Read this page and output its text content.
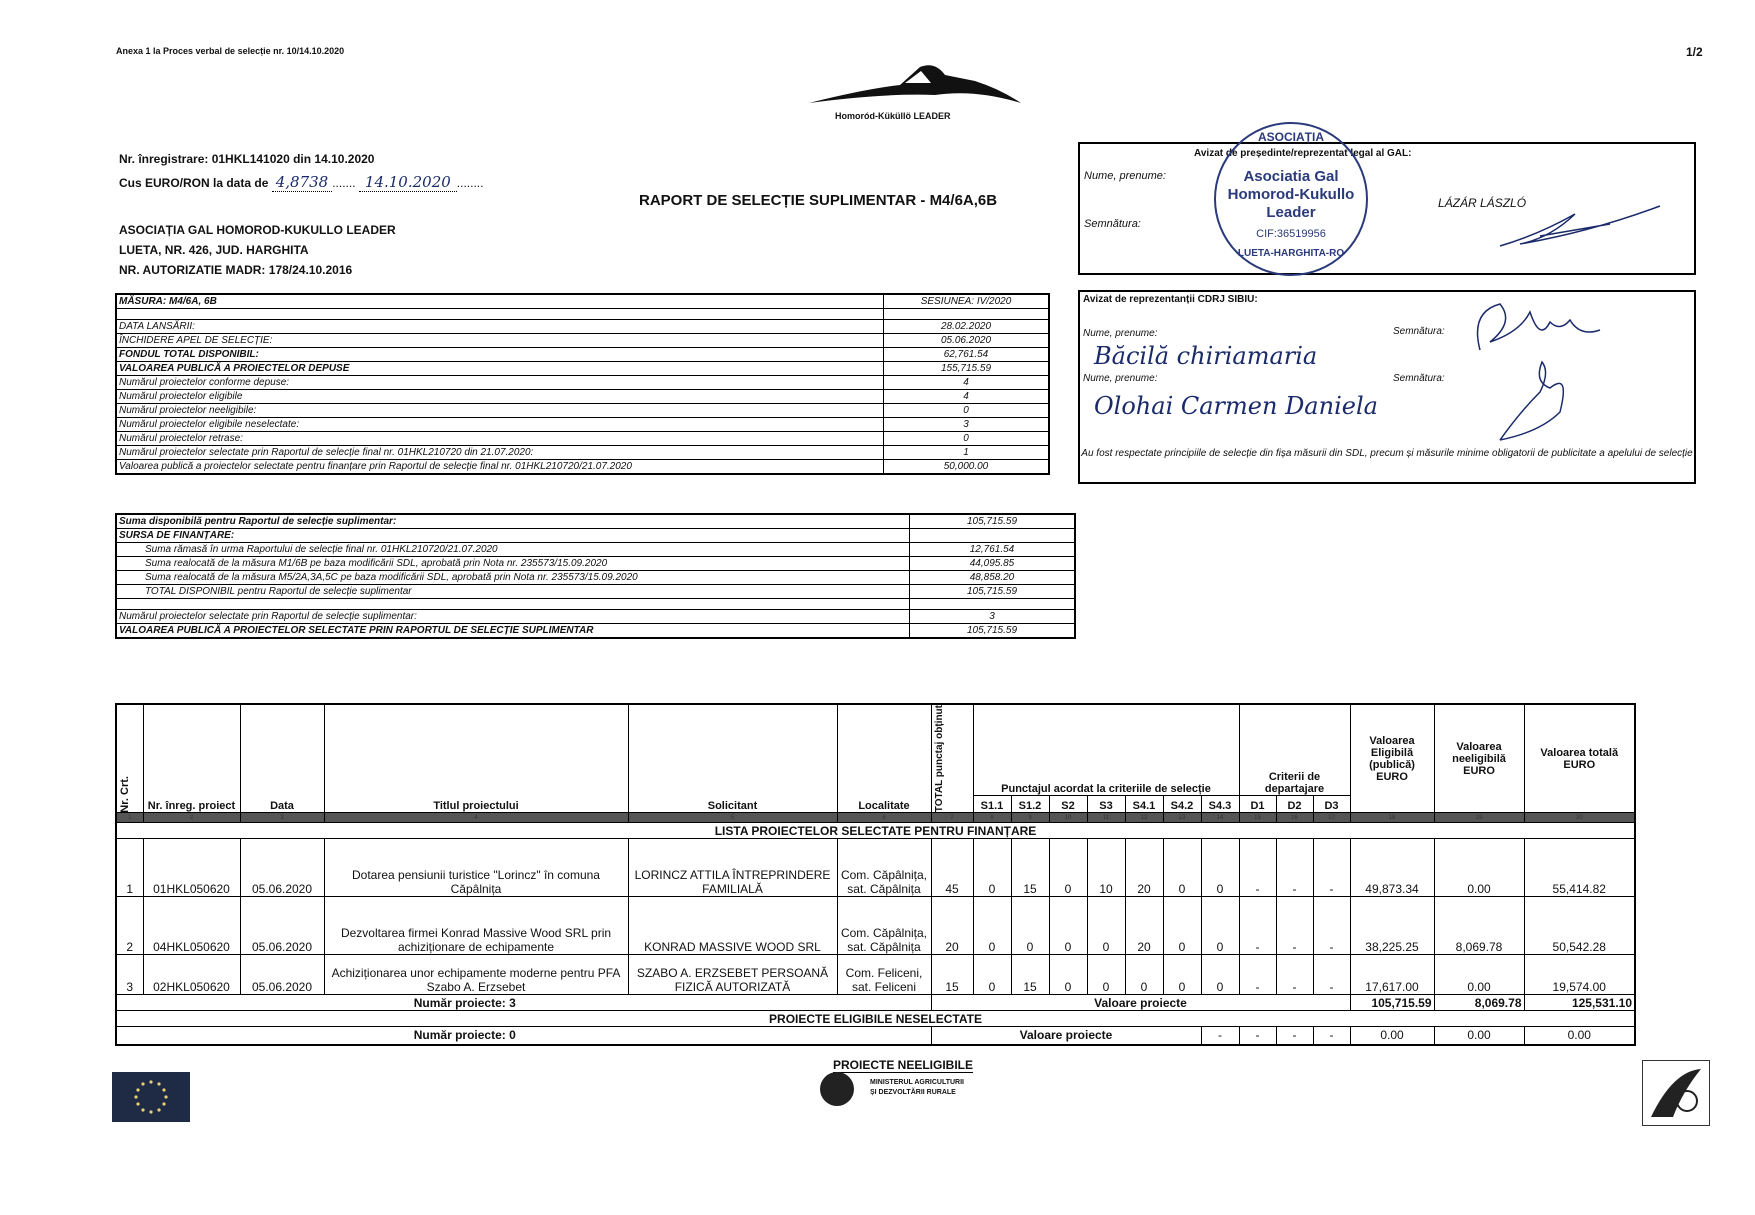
Anexa 1 la Proces verbal de selecție nr. 10/14.10.2020	1/2
Homoród-Küküllö LEADER
Nr. înregistrare: 01HKL141020 din 14.10.2020
Cus EURO/RON la data de 4,8738 ....... 14.10.2020 ........
RAPORT DE SELECȚIE SUPLIMENTAR - M4/6A,6B
ASOCIAȚIA GAL HOMOROD-KUKULLO LEADER
LUETA, NR. 426, JUD. HARGHITA
NR. AUTORIZATIE MADR: 178/24.10.2016
Avizat de președinte/reprezentat legal al GAL:
Nume, prenume:
Semnătura:
LÁZÁR LÁSZLÓ
ASOCIAȚIA
Asociatia Gal
Homorod-Kukullo
Leader
CIF:36519956
LUETA-HARGHITA-RO
Avizat de reprezentanții CDRJ SIBIU:
Nume, prenume:	Semnătura:
Băcilă chiriamaria
Nume, prenume:	Semnătura:
Olohai Carmen Daniela
Au fost respectate principiile de selecție din fișa măsurii din SDL, precum și măsurile minime obligatorii de publicitate a apelului de selecție
MĂSURA: M4/6A, 6B	SESIUNEA: IV/2020

DATA LANSĂRII:	28.02.2020
ÎNCHIDERE APEL DE SELECȚIE:	05.06.2020
FONDUL TOTAL DISPONIBIL:	62,761.54
VALOAREA PUBLICĂ A PROIECTELOR DEPUSE	155,715.59
Numărul proiectelor conforme depuse:	4
Numărul proiectelor eligibile	4
Numărul proiectelor neeligibile:	0
Numărul proiectelor eligibile neselectate:	3
Numărul proiectelor retrase:	0
Numărul proiectelor selectate prin Raportul de selecție final nr. 01HKL210720 din 21.07.2020:	1
Valoarea publică a proiectelor selectate pentru finanțare prin Raportul de selecție final nr. 01HKL210720/21.07.2020	50,000.00
Suma disponibilă pentru Raportul de selecție suplimentar:	105,715.59
SURSA DE FINANȚARE:	
Suma rămasă în urma Raportului de selecție final nr. 01HKL210720/21.07.2020	12,761.54
Suma realocată de la măsura M1/6B pe baza modificării SDL, aprobată prin Nota nr. 235573/15.09.2020	44,095.85
Suma realocată de la măsura M5/2A,3A,5C pe baza modificării SDL, aprobată prin Nota nr. 235573/15.09.2020	48,858.20
TOTAL DISPONIBIL pentru Raportul de selecție suplimentar	105,715.59

Numărul proiectelor selectate prin Raportul de selecție suplimentar:	3
VALOAREA PUBLICĂ A PROIECTELOR SELECTATE PRIN RAPORTUL DE SELECȚIE SUPLIMENTAR	105,715.59
Nr. Crt.	Nr. înreg. proiect	Data	Titlul proiectului	Solicitant	Localitate	TOTAL punctaj obținut	Punctajul acordat la criteriile de selecție							Criterii de departajare			Valoarea Eligibilă (publică) EURO	Valoarea neeligibilă EURO	Valoarea totală EURO
							S1.1	S1.2	S2	S3	S4.1	S4.2	S4.3	D1	D2	D3			
1	2	3	4	5	6	7	8	9	10	11	12	13	14	15	16	17	18	19	20
LISTA PROIECTELOR SELECTATE PENTRU FINANȚARE																			
1	01HKL050620	05.06.2020	Dotarea pensiunii turistice "Lorincz" în comuna Căpâlnița	LORINCZ ATTILA ÎNTREPRINDERE FAMILIALĂ	Com. Căpâlnița, sat. Căpâlnița	45	0	15	0	10	20	0	0	-	-	-	49,873.34	0.00	55,414.82
2	04HKL050620	05.06.2020	Dezvoltarea firmei Konrad Massive Wood SRL prin achiziționare de echipamente	KONRAD MASSIVE WOOD SRL	Com. Căpâlnița, sat. Căpâlnița	20	0	0	0	0	20	0	0	-	-	-	38,225.25	8,069.78	50,542.28
3	02HKL050620	05.06.2020	Achiziționarea unor echipamente moderne pentru PFA Szabo A. Erzsebet	SZABO A. ERZSEBET PERSOANĂ FIZICĂ AUTORIZATĂ	Com. Feliceni, sat. Feliceni	15	0	15	0	0	0	0	0	-	-	-	17,617.00	0.00	19,574.00
Număr proiecte: 3						Valoare proiecte											105,715.59	8,069.78	125,531.10
PROIECTE ELIGIBILE NESELECTATE																			
Număr proiecte: 0						Valoare proiecte							-	-	-	-	0.00	0.00	0.00
PROIECTE NEELIGIBILE
MINISTERUL AGRICULTURII
ȘI DEZVOLTĂRII RURALE
